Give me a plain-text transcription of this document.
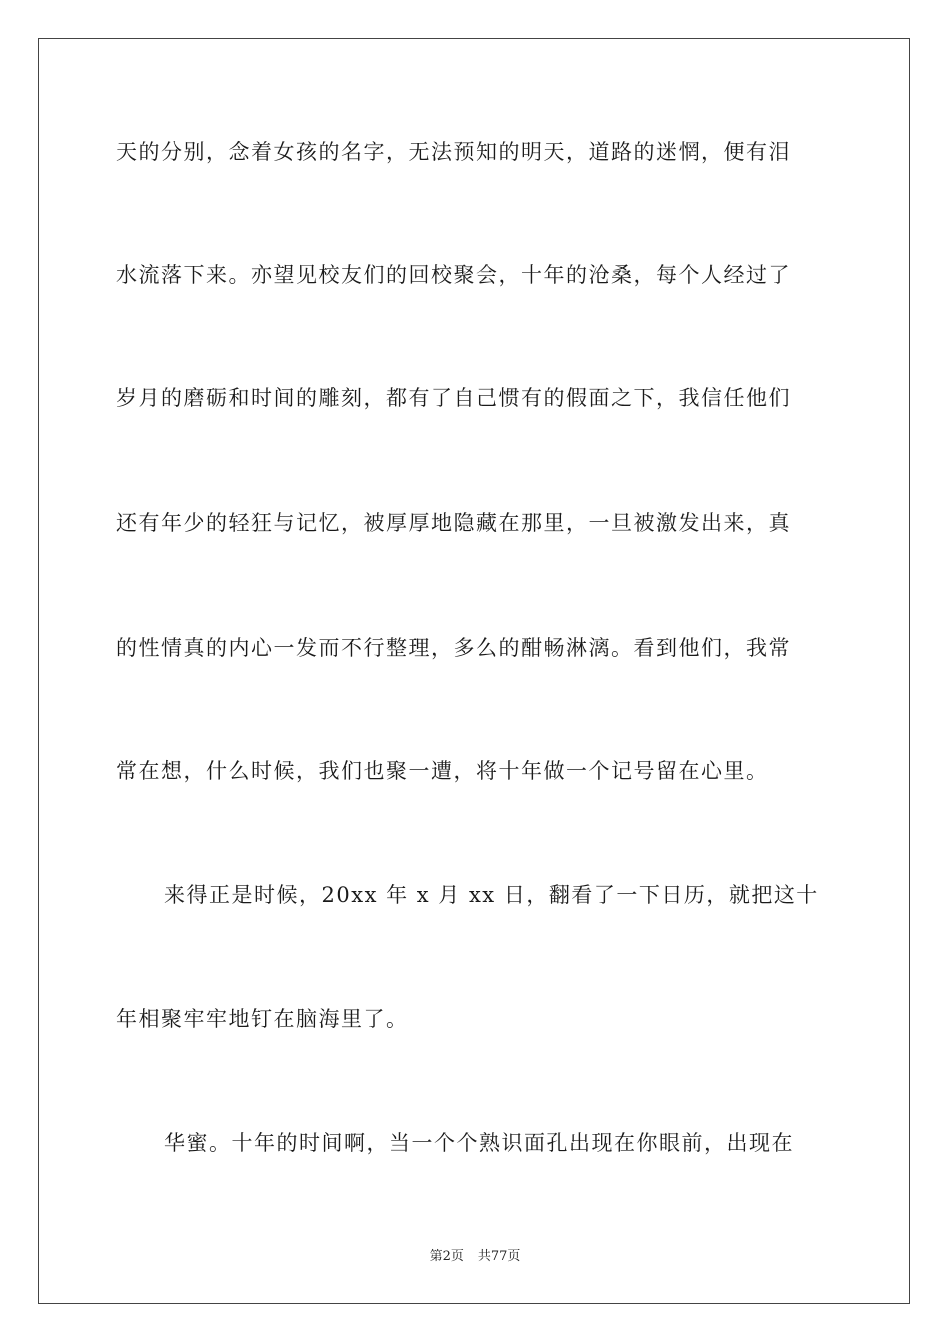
天的分别，念着女孩的名字，无法预知的明天，道路的迷惘，便有泪
水流落下来。亦望见校友们的回校聚会，十年的沧桑，每个人经过了
岁月的磨砺和时间的雕刻，都有了自己惯有的假面之下，我信任他们
还有年少的轻狂与记忆，被厚厚地隐藏在那里，一旦被激发出来，真
的性情真的内心一发而不行整理，多么的酣畅淋漓。看到他们，我常
常在想，什么时候，我们也聚一遭，将十年做一个记号留在心里。
来得正是时候，20xx 年 x 月 xx 日，翻看了一下日历，就把这十
年相聚牢牢地钉在脑海里了。
华蜜。十年的时间啊，当一个个熟识面孔出现在你眼前，出现在
第2页 共77页
